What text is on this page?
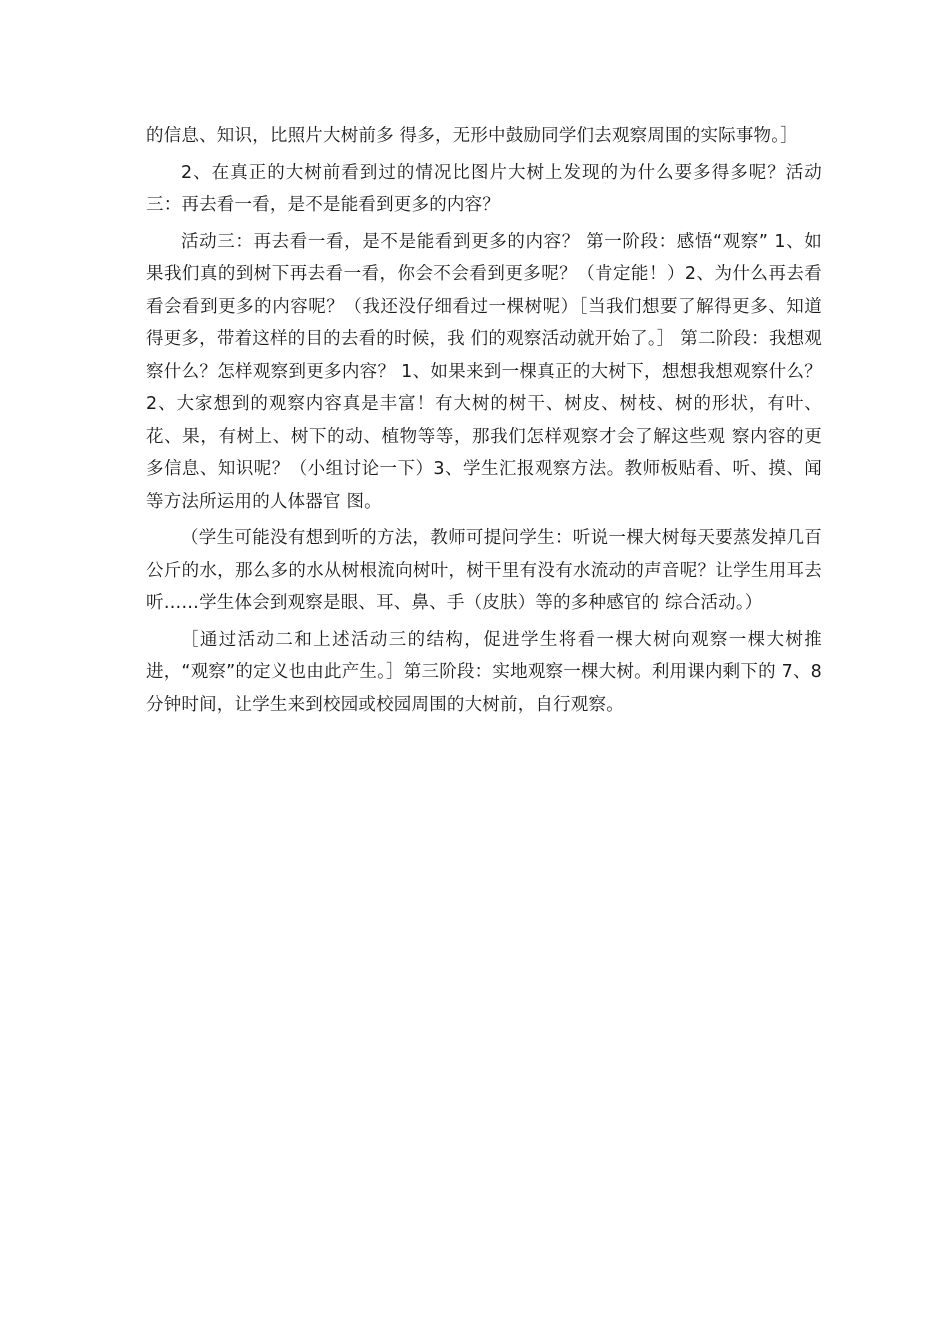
的信息、知识，比照片大树前多 得多，无形中鼓励同学们去观察周围的实际事物。］

2、在真正的大树前看到过的情况比图片大树上发现的为什么要多得多呢？活动三：再去看一看，是不是能看到更多的内容？

活动三：再去看一看，是不是能看到更多的内容？ 第一阶段：感悟“观察” 1、如果我们真的到树下再去看一看，你会不会看到更多呢？（肯定能！）2、为什么再去看看会看到更多的内容呢？（我还没仔细看过一棵树呢）［当我们想要了解得更多、知道得更多，带着这样的目的去看的时候，我 们的观察活动就开始了。］ 第二阶段：我想观察什么？怎样观察到更多内容？ 1、如果来到一棵真正的大树下，想想我想观察什么？ 2、大家想到的观察内容真是丰富！有大树的树干、树皮、树枝、树的形状，有叶、花、果，有树上、树下的动、植物等等，那我们怎样观察才会了解这些观 察内容的更多信息、知识呢？（小组讨论一下）3、学生汇报观察方法。教师板贴看、听、摸、闻等方法所运用的人体器官 图。

（学生可能没有想到听的方法，教师可提问学生：听说一棵大树每天要蒸发掉几百公斤的水，那么多的水从树根流向树叶，树干里有没有水流动的声音呢？让学生用耳去听……学生体会到观察是眼、耳、鼻、手（皮肤）等的多种感官的 综合活动。）

［通过活动二和上述活动三的结构，促进学生将看一棵大树向观察一棵大树推进，“观察”的定义也由此产生。］第三阶段：实地观察一棵大树。利用课内剩下的 7、8 分钟时间，让学生来到校园或校园周围的大树前，自行观察。
